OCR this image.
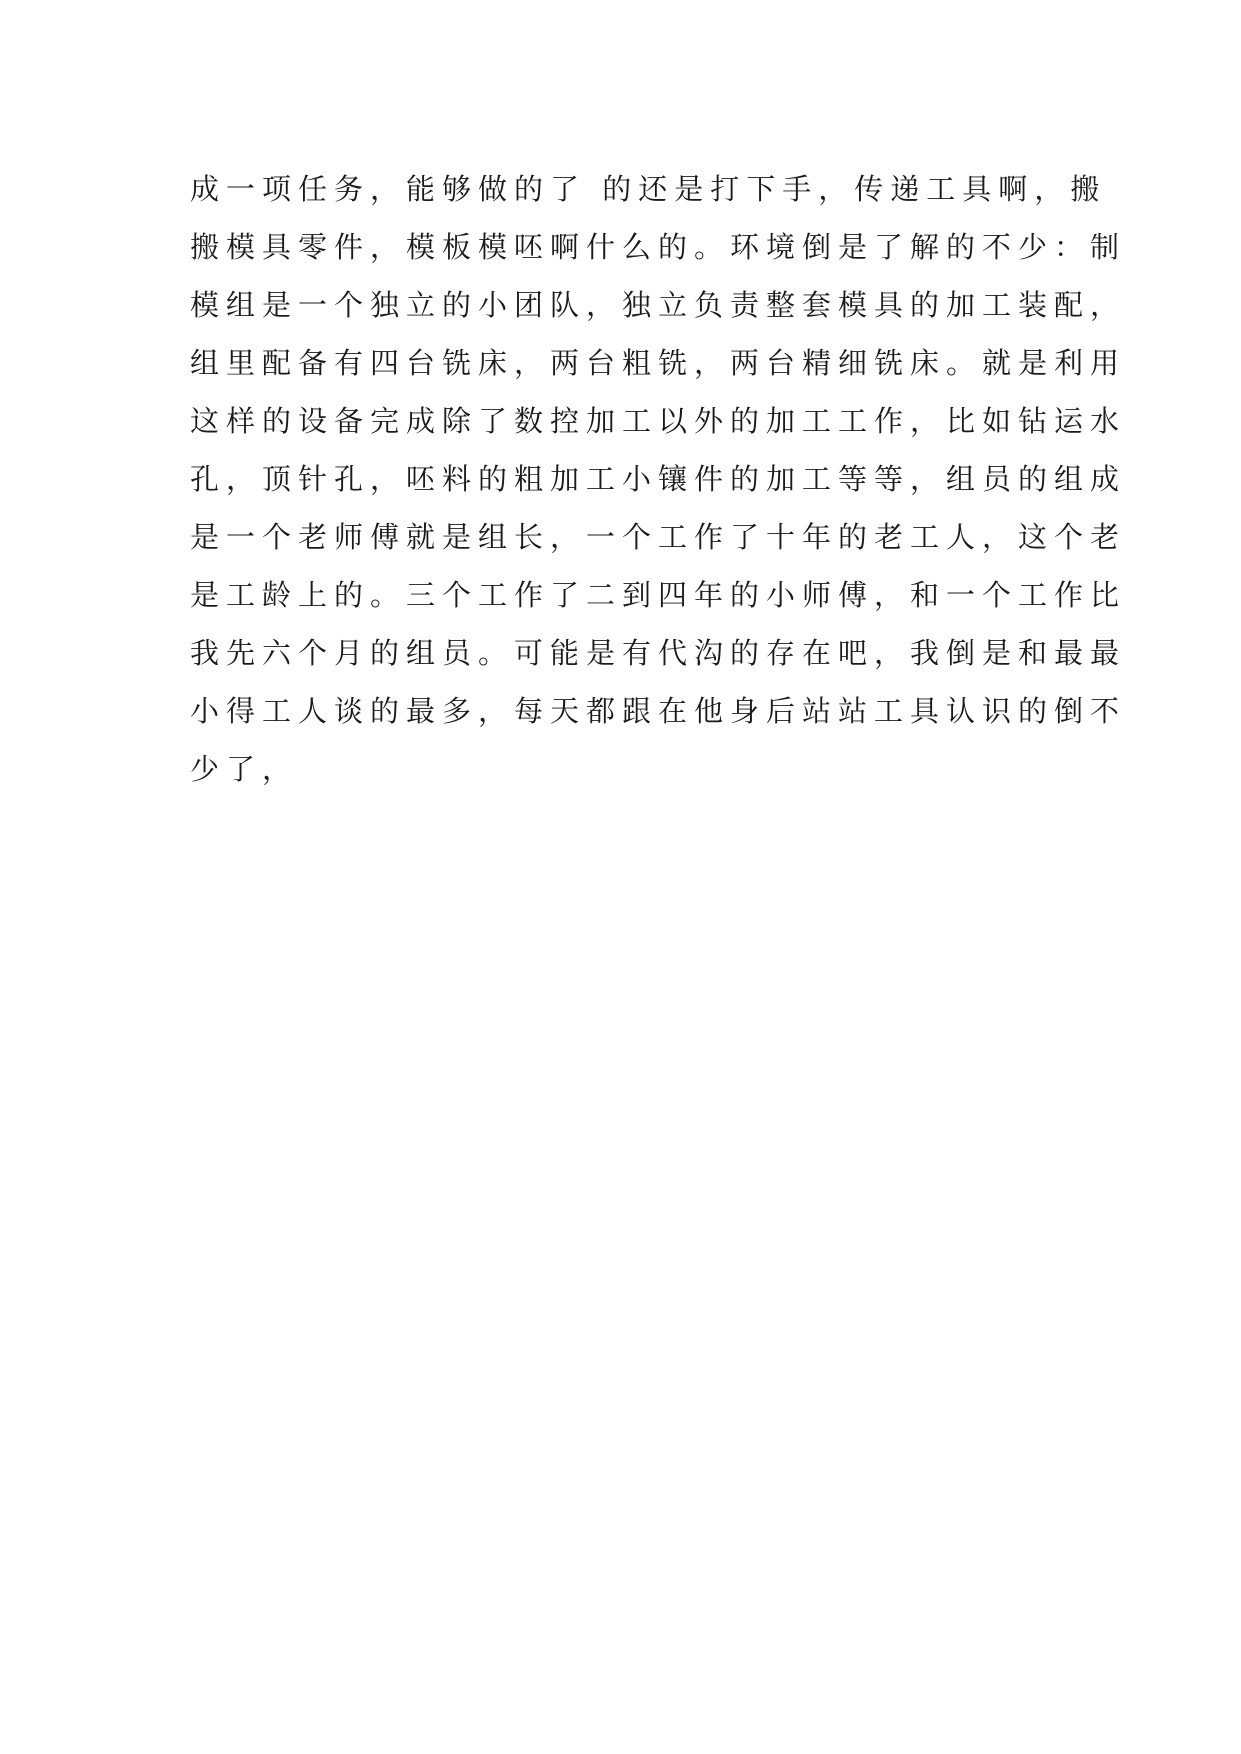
成一项任务，能够做的了 的还是打下手，传递工具啊，搬
搬模具零件，模板模呸啊什么的。环境倒是了解的不少：制
模组是一个独立的小团队，独立负责整套模具的加工装配，
组里配备有四台铣床，两台粗铣，两台精细铣床。就是利用
这样的设备完成除了数控加工以外的加工工作，比如钻运水
孔，顶针孔，呸料的粗加工小镶件的加工等等，组员的组成
是一个老师傅就是组长，一个工作了十年的老工人，这个老
是工龄上的。三个工作了二到四年的小师傅，和一个工作比
我先六个月的组员。可能是有代沟的存在吧，我倒是和最最
小得工人谈的最多，每天都跟在他身后站站工具认识的倒不
少了，
